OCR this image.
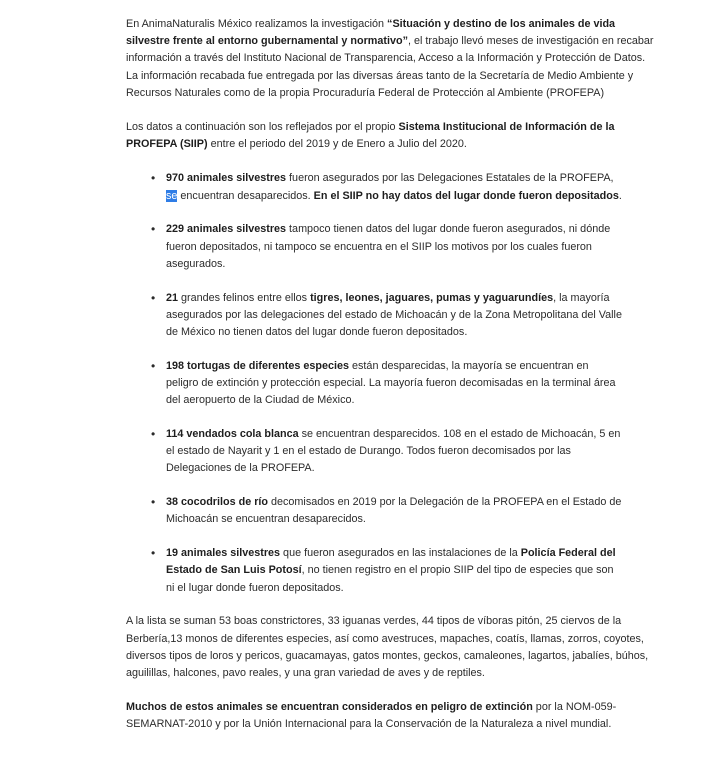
En AnimaNaturalis México realizamos la investigación “Situación y destino de los animales de vida silvestre frente al entorno gubernamental y normativo”, el trabajo llevó meses de investigación en recabar información a través del Instituto Nacional de Transparencia, Acceso a la Información y Protección de Datos. La información recabada fue entregada por las diversas áreas tanto de la Secretaría de Medio Ambiente y Recursos Naturales como de la propia Procuraduría Federal de Protección al Ambiente (PROFEPA)

Los datos a continuación son los reflejados por el propio Sistema Institucional de Información de la PROFEPA (SIIP) entre el periodo del 2019 y de Enero a Julio del 2020.

• 970 animales silvestres fueron asegurados por las Delegaciones Estatales de la PROFEPA, se encuentran desaparecidos. En el SIIP no hay datos del lugar donde fueron depositados.
• 229 animales silvestres tampoco tienen datos del lugar donde fueron asegurados, ni dónde fueron depositados, ni tampoco se encuentra en el SIIP los motivos por los cuales fueron asegurados.
• 21 grandes felinos entre ellos tigres, leones, jaguares, pumas y yaguarundíes, la mayoría asegurados por las delegaciones del estado de Michoacán y de la Zona Metropolitana del Valle de México no tienen datos del lugar donde fueron depositados.
• 198 tortugas de diferentes especies están desparecidas, la mayoría se encuentran en peligro de extinción y protección especial. La mayoría fueron decomisadas en la terminal área del aeropuerto de la Ciudad de México.
• 114 vendados cola blanca se encuentran desparecidos. 108 en el estado de Michoacán, 5 en el estado de Nayarit y 1 en el estado de Durango. Todos fueron decomisados por las Delegaciones de la PROFEPA.
• 38 cocodrilos de río decomisados en 2019 por la Delegación de la PROFEPA en el Estado de Michoacán se encuentran desaparecidos.
• 19 animales silvestres que fueron asegurados en las instalaciones de la Policía Federal del Estado de San Luis Potosí, no tienen registro en el propio SIIP del tipo de especies que son ni el lugar donde fueron depositados.

A la lista se suman 53 boas constrictores, 33 iguanas verdes, 44 tipos de víboras pitón, 25 ciervos de la Berbería,13 monos de diferentes especies, así como avestruces, mapaches, coatís, llamas, zorros, coyotes, diversos tipos de loros y pericos, guacamayas, gatos montes, geckos, camaleones, lagartos, jabalíes, búhos, aguilillas, halcones, pavo reales, y una gran variedad de aves y de reptiles.

Muchos de estos animales se encuentran considerados en peligro de extinción por la NOM-059-SEMARNAT-2010 y por la Unión Internacional para la Conservación de la Naturaleza a nivel mundial.
